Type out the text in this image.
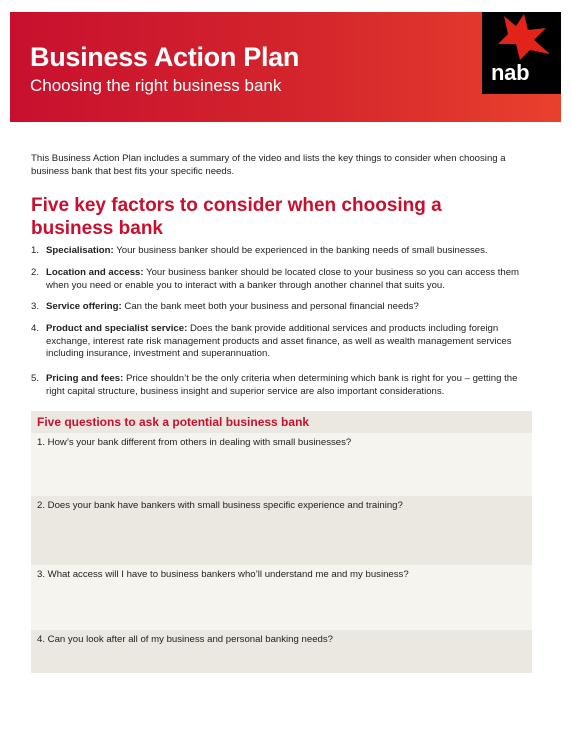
Business Action Plan
Choosing the right business bank
nab

This Business Action Plan includes a summary of the video and lists the key things to consider when choosing a business bank that best fits your specific needs.

Five key factors to consider when choosing a business bank
1. Specialisation: Your business banker should be experienced in the banking needs of small businesses.
2. Location and access: Your business banker should be located close to your business so you can access them when you need or enable you to interact with a banker through another channel that suits you.
3. Service offering: Can the bank meet both your business and personal financial needs?
4. Product and specialist service: Does the bank provide additional services and products including foreign exchange, interest rate risk management products and asset finance, as well as wealth management services including insurance, investment and superannuation.
5. Pricing and fees: Price shouldn’t be the only criteria when determining which bank is right for you – getting the right capital structure, business insight and superior service are also important considerations.
Five questions to ask a potential business bank
1. How’s your bank different from others in dealing with small businesses?
2. Does your bank have bankers with small business specific experience and training?
3. What access will I have to business bankers who’ll understand me and my business?
4. Can you look after all of my business and personal banking needs?
